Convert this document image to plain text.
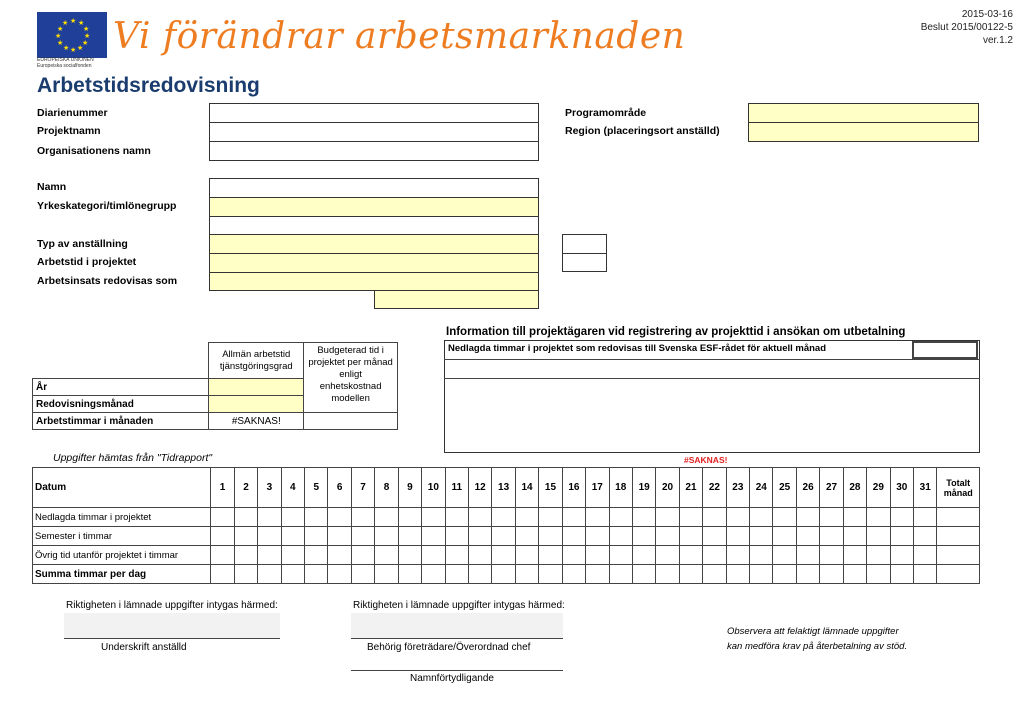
★ ★
★
★
★
★
★
★
★
★
★
★
EUROPEISKA UNIONEN
Europeiska socialfonden
Vi förändrar arbetsmarknaden
2015-03-16
Beslut 2015/00122-5
ver.1.2
Arbetstidsredovisning
Diarienummer
Projektnamn
Organisationens namn
Programområde
Region (placeringsort anställd)
Namn
Yrkeskategori/timlönegrupp
Typ av anställning
Arbetstid i projektet
Arbetsinsats redovisas som
	Allmän arbetstid tjänstgöringsgrad	Budgeterad tid i projektet per månad enligt enhetskostnad modellen
År		
Redovisningsmånad		
Arbetstimmar i månaden	#SAKNAS!	
Information till projektägaren vid registrering av projekttid i ansökan om utbetalning
Nedlagda timmar i projektet som redovisas till Svenska ESF-rådet för aktuell månad
Uppgifter hämtas från "Tidrapport"	#SAKNAS!
Datum	1	2	3	4	5	6	7	8	9	10	11	12	13	14	15	16	17	18	19	20	21	22	23	24	25	26	27	28	29	30	31	Totalt månad
Nedlagda timmar i projektet																																
Semester i timmar																																
Övrig tid utanför projektet i timmar																																
Summa timmar per dag																																
Riktigheten i lämnade uppgifter intygas härmed:
Underskrift anställd
Riktigheten i lämnade uppgifter intygas härmed:
Behörig företrädare/Överordnad chef
Namnförtydligande
Observera att felaktigt lämnade uppgifter
kan medföra krav på återbetalning av stöd.
